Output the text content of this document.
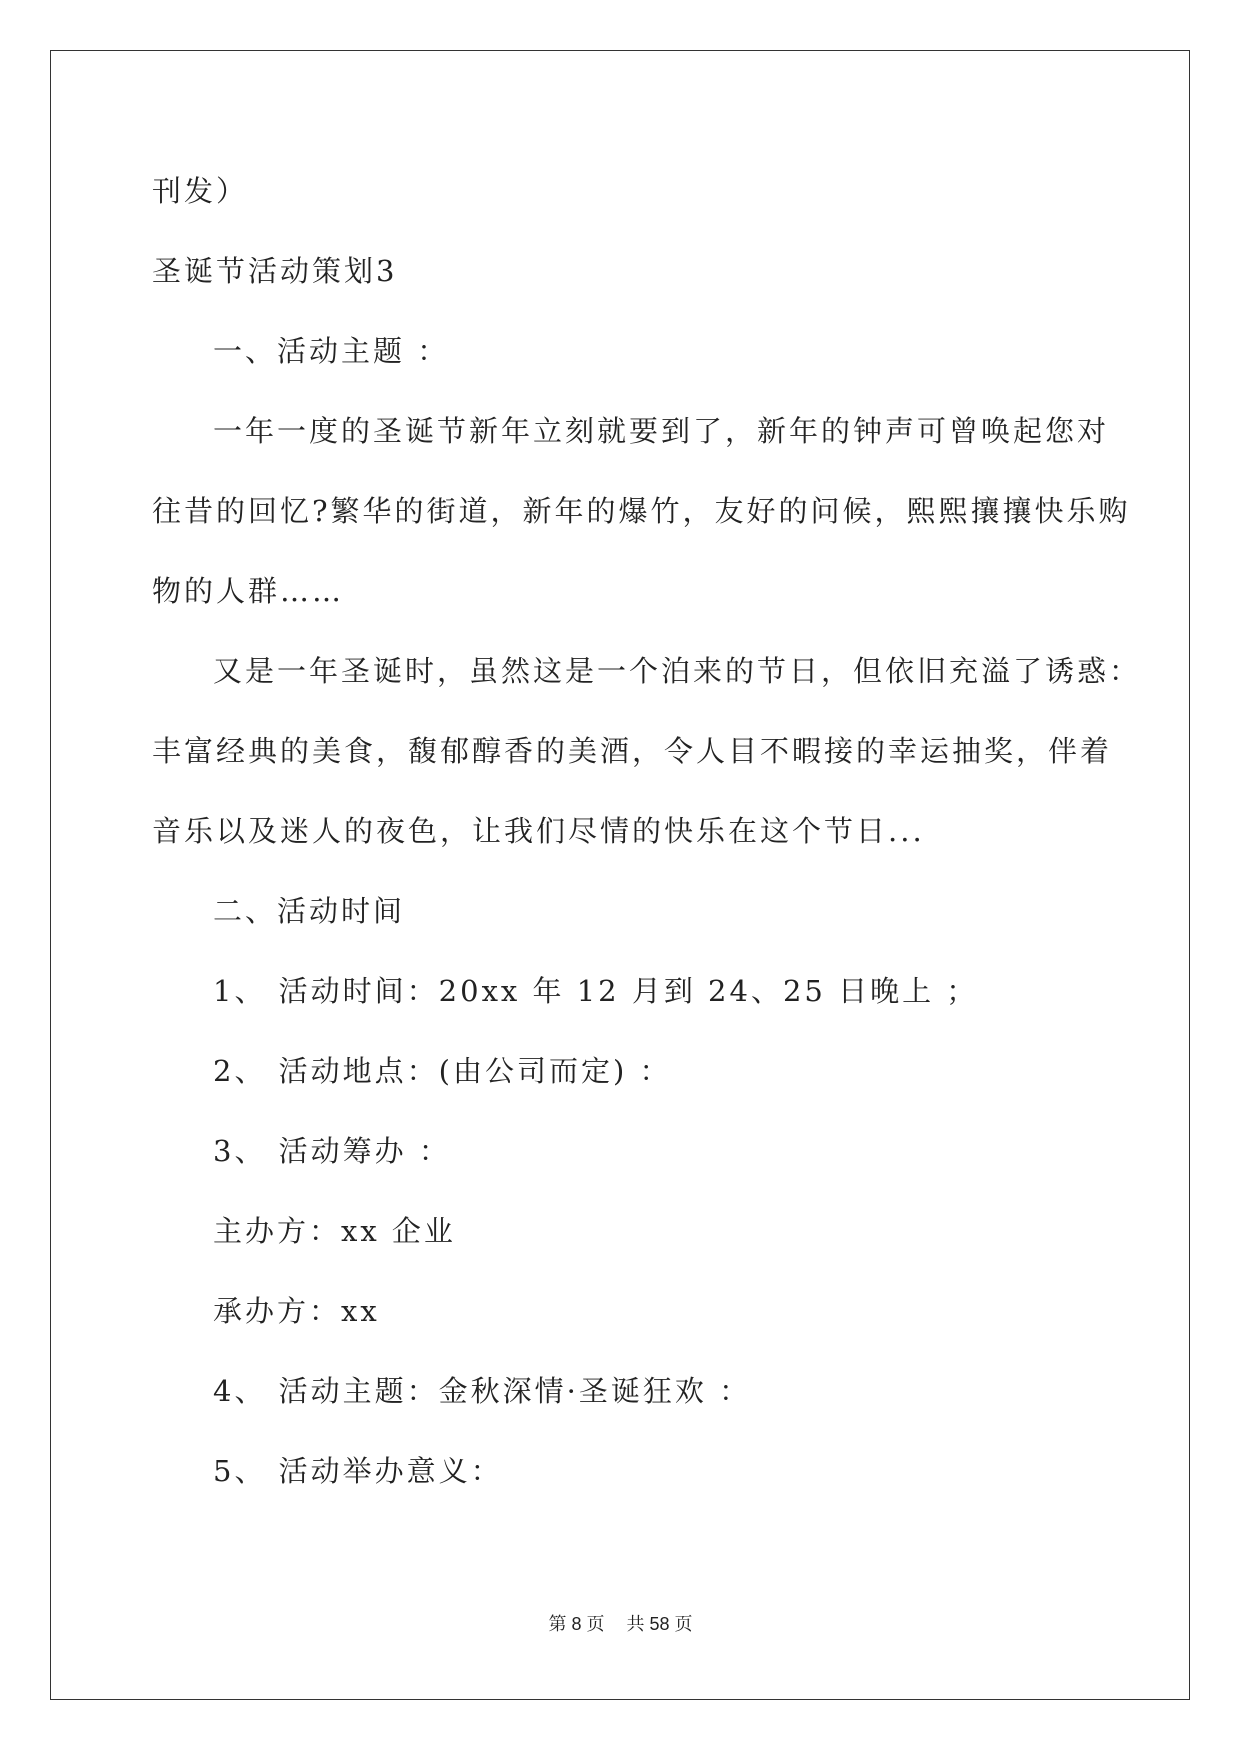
刊发）
圣诞节活动策划3
一、活动主题 ：
一年一度的圣诞节新年立刻就要到了，新年的钟声可曾唤起您对
往昔的回忆?繁华的街道，新年的爆竹，友好的问候，熙熙攘攘快乐购
物的人群……
又是一年圣诞时，虽然这是一个泊来的节日，但依旧充溢了诱惑：
丰富经典的美食，馥郁醇香的美酒，令人目不暇接的幸运抽奖，伴着
音乐以及迷人的夜色，让我们尽情的快乐在这个节日...
二、活动时间
1、 活动时间：20xx 年 12 月到 24、25 日晚上 ；
2、 活动地点：(由公司而定) ：
3、 活动筹办 ：
主办方：xx 企业
承办方：xx
4、 活动主题：金秋深情·圣诞狂欢 ：
5、 活动举办意义：
第 8 页 共 58 页
